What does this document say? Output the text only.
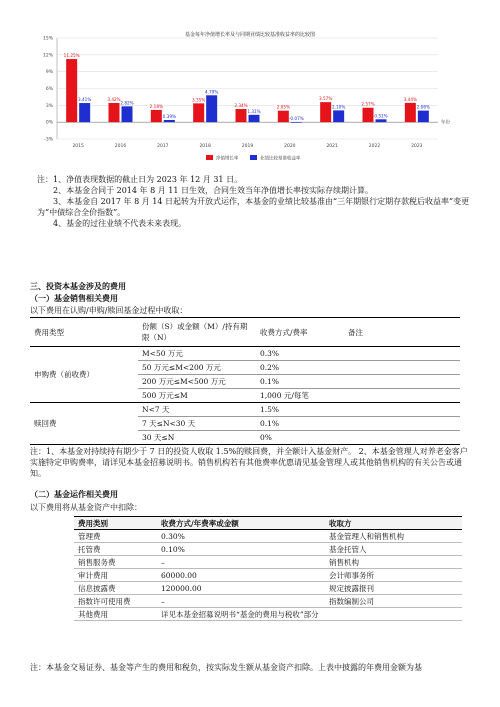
基金每年净值增长率及与同期业绩比较基准收益率的比较图
15%
12%
9%
6%
3%
0%
-3%
2015
11.25%
3.41%
2016
3.42%
2.82%
2017
2.18%
0.39%
2018
3.35%
4.79%
2019
2.34%
1.31%
2020
2.05%
-0.07%
2021
3.57%
2.10%
2022
2.57%
0.51%
2023
3.44%
2.06%
年份
净值增长率	业绩比较基准收益率

注：1、净值表现数据的截止日为 2023 年 12 月 31 日。

2、本基金合同于 2014 年 8 月 11 日生效，合同生效当年净值增长率按实际存续期计算。

3、本基金自 2017 年 8 月 14 日起转为开放式运作，本基金的业绩比较基准由“三年期银行定期存款税后收益率”变更为“中债综合全价指数”。

4、基金的过往业绩不代表未来表现。

三、投资本基金涉及的费用
（一）基金销售相关费用
以下费用在认购/申购/赎回基金过程中收取：
费用类型	份额（S）或金额（M）/持有期限（N）	收费方式/费率	备注
申购费（前收费）	M<50 万元	0.3%	
	50 万元≤M<200 万元	0.2%	
	200 万元≤M<500 万元	0.1%	
	500 万元≤M	1,000 元/每笔	
赎回费	N<7 天	1.5%	
	7 天≤N<30 天	0.1%	
	30 天≤N	0%	
注：1、本基金对持续持有期少于 7 日的投资人收取 1.5%的赎回费，并全额计入基金财产。 2、本基金管理人对养老金客户实施特定申购费率，请详见本基金招募说明书。销售机构若有其他费率优惠请见基金管理人或其他销售机构的有关公告或通知。
（二）基金运作相关费用
以下费用将从基金资产中扣除：
费用类别	收费方式/年费率或金额	收取方
管理费	0.30%	基金管理人和销售机构
托管费	0.10%	基金托管人
销售服务费	–	销售机构
审计费用	60000.00	会计师事务所
信息披露费	120000.00	规定披露报刊
指数许可使用费	–	指数编制公司
其他费用	详见本基金招募说明书“基金的费用与税收”部分	
注：本基金交易证券、基金等产生的费用和税负，按实际发生额从基金资产扣除。上表中披露的年费用金额为基
